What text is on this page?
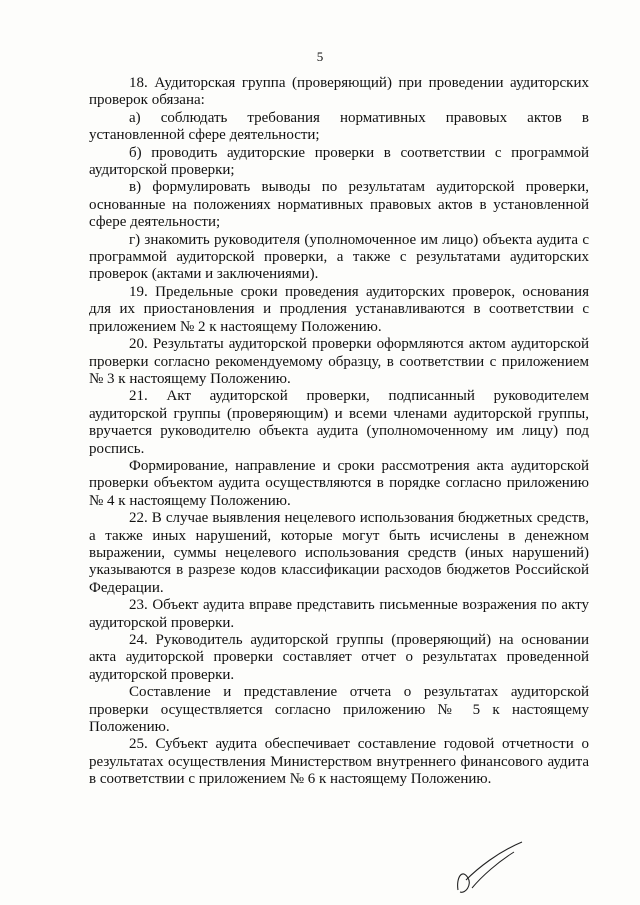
5

18. Аудиторская группа (проверяющий) при проведении аудиторских проверок обязана:

а) соблюдать требования нормативных правовых актов в установленной сфере деятельности;

б) проводить аудиторские проверки в соответствии с программой аудиторской проверки;

в) формулировать выводы по результатам аудиторской проверки, основанные на положениях нормативных правовых актов в установленной сфере деятельности;

г) знакомить руководителя (уполномоченное им лицо) объекта аудита с программой аудиторской проверки, а также с результатами аудиторских проверок (актами и заключениями).

19. Предельные сроки проведения аудиторских проверок, основания для их приостановления и продления устанавливаются в соответствии с приложением № 2 к настоящему Положению.

20. Результаты аудиторской проверки оформляются актом аудиторской проверки согласно рекомендуемому образцу, в соответствии с приложением № 3 к настоящему Положению.

21. Акт аудиторской проверки, подписанный руководителем аудиторской группы (проверяющим) и всеми членами аудиторской группы, вручается руководителю объекта аудита (уполномоченному им лицу) под роспись.

Формирование, направление и сроки рассмотрения акта аудиторской проверки объектом аудита осуществляются в порядке согласно приложению № 4 к настоящему Положению.

22. В случае выявления нецелевого использования бюджетных средств, а также иных нарушений, которые могут быть исчислены в денежном выражении, суммы нецелевого использования средств (иных нарушений) указываются в разрезе кодов классификации расходов бюджетов Российской Федерации.

23. Объект аудита вправе представить письменные возражения по акту аудиторской проверки.

24. Руководитель аудиторской группы (проверяющий) на основании акта аудиторской проверки составляет отчет о результатах проведенной аудиторской проверки.

Составление и представление отчета о результатах аудиторской проверки осуществляется согласно приложению № 5 к настоящему Положению.

25. Субъект аудита обеспечивает составление годовой отчетности о результатах осуществления Министерством внутреннего финансового аудита в соответствии с приложением № 6 к настоящему Положению.
